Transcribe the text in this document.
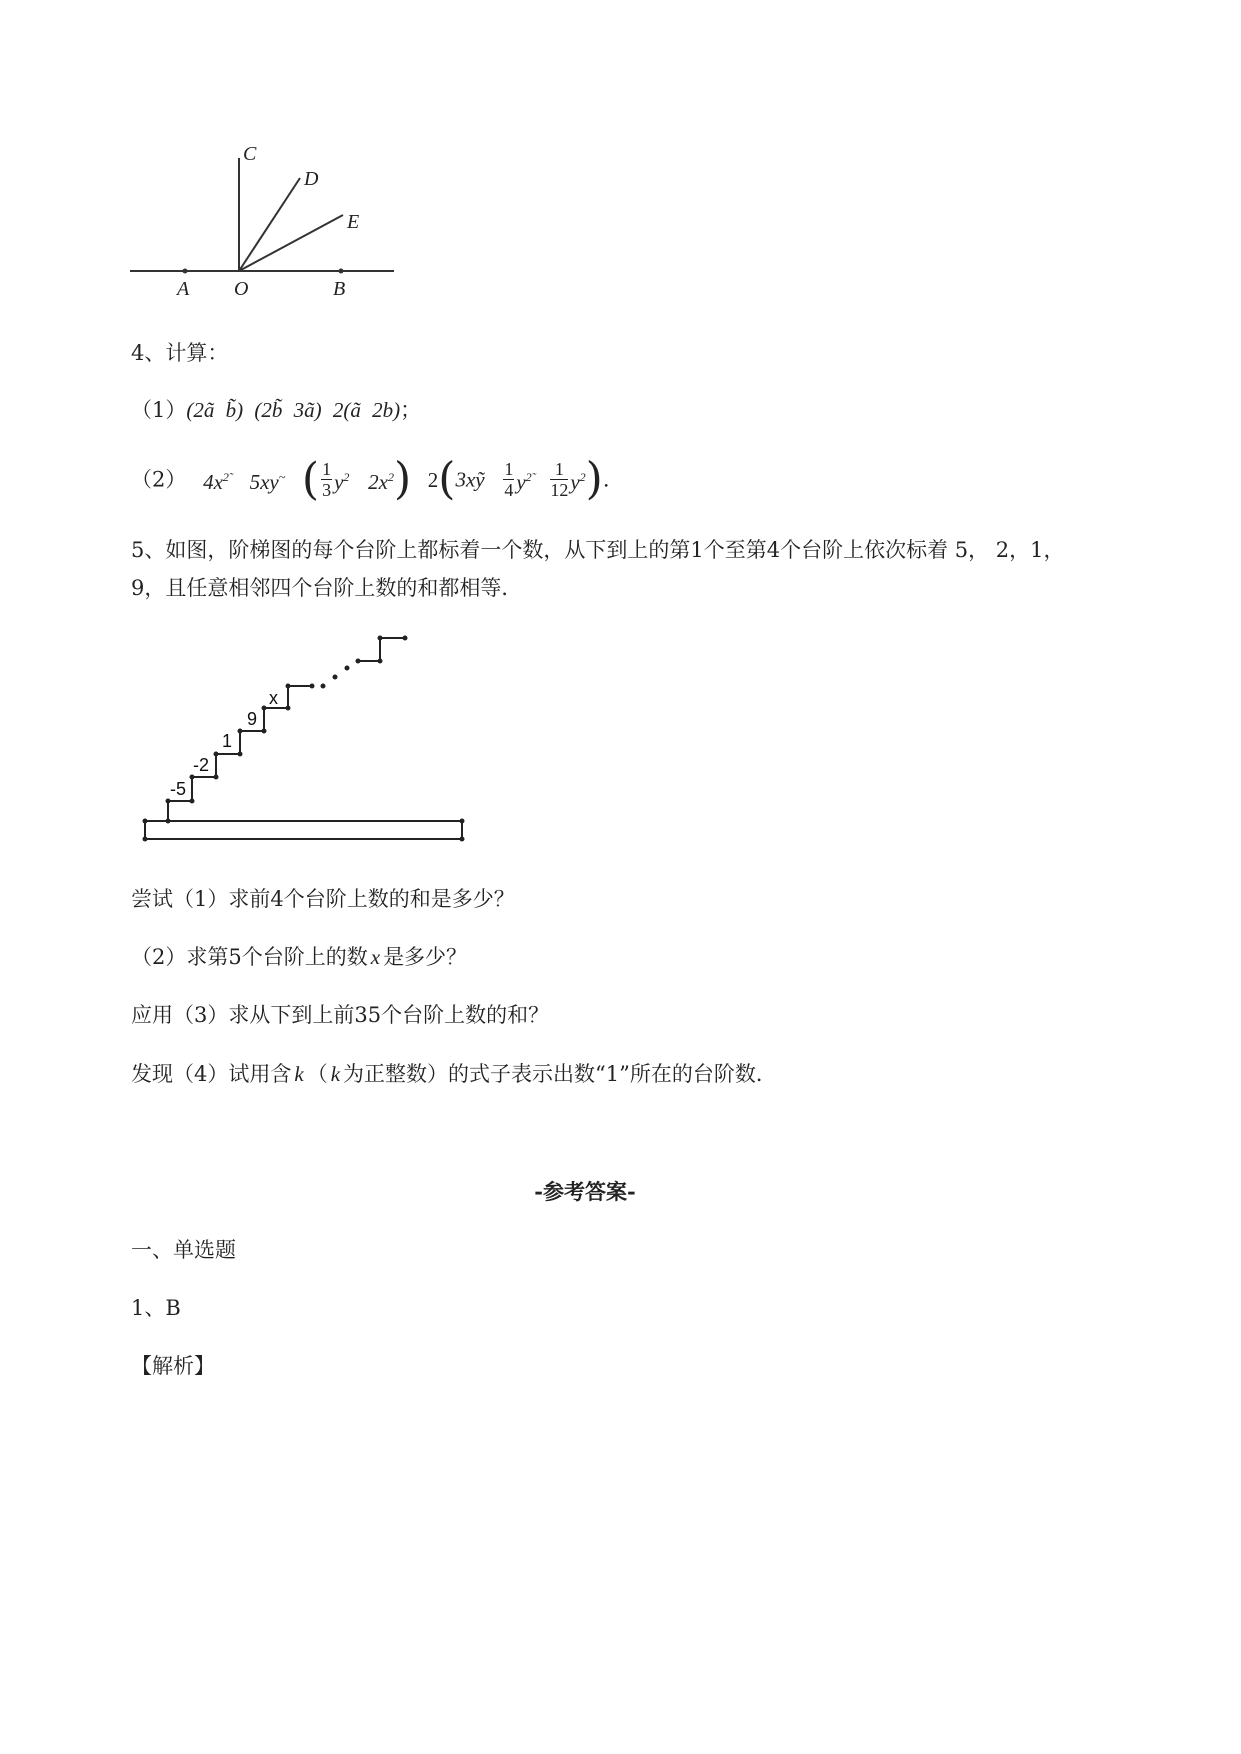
C
D
E
A O	B
4、计算：
（1）(2ã b̃) (2b̃ 3ã) 2(ã 2b)；
（2） $4x^{2̃}$ 5xy~ ( $\frac{1}{3} y^2$ $2x^2$) 2(3xỹ $\frac{1}{4} y^{2̃} \frac{1}{12} y^2$).
5、如图，阶梯图的每个台阶上都标着一个数，从下到上的第1个至第4个台阶上依次标着 5， 2，1，
9，且任意相邻四个台阶上数的和都相等．
-5
-2
1
9
x
尝试（1）求前4个台阶上数的和是多少？
（2）求第5个台阶上的数 x 是多少？
应用（3）求从下到上前35个台阶上数的和？
发现（4）试用含 k （ k 为正整数）的式子表示出数“1”所在的台阶数．
-参考答案-
一、单选题
1、B
【解析】
